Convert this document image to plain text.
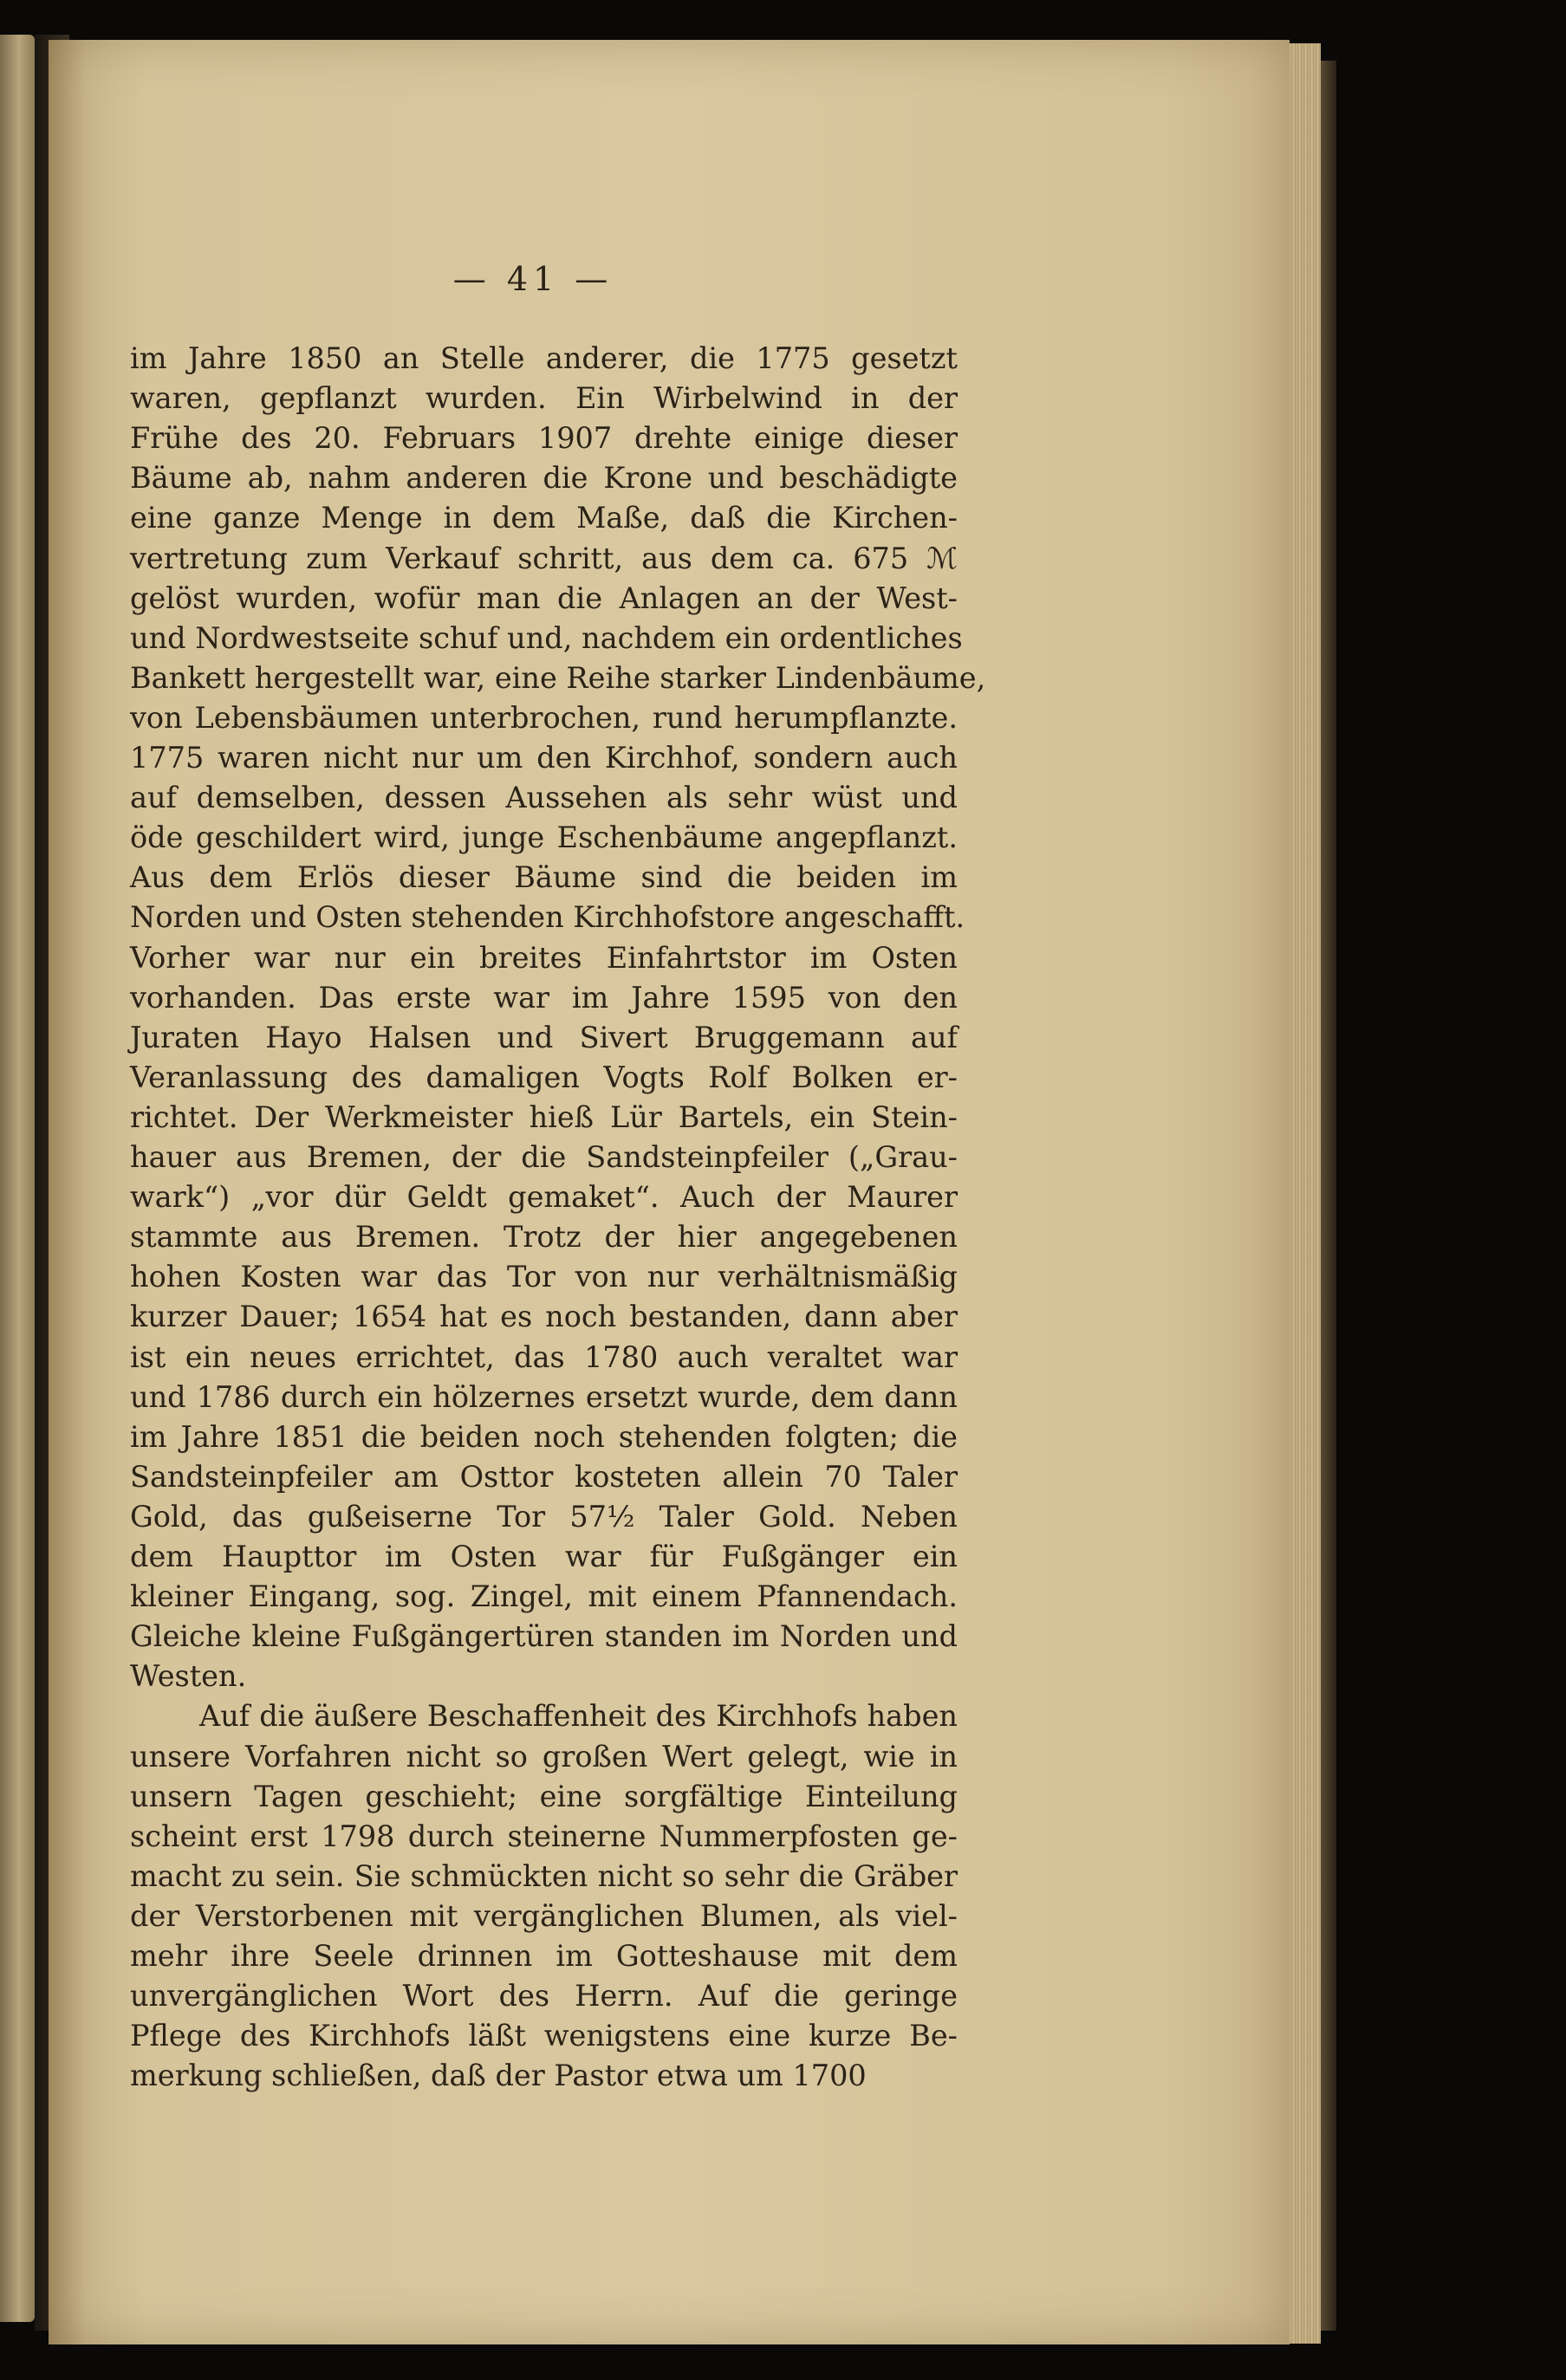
— 41 —
im Jahre 1850 an Stelle anderer, die 1775 gesetzt
waren, gepflanzt wurden. Ein Wirbelwind in der
Frühe des 20. Februars 1907 drehte einige dieser
Bäume ab, nahm anderen die Krone und beschädigte
eine ganze Menge in dem Maße, daß die Kirchen-
vertretung zum Verkauf schritt, aus dem ca. 675 ℳ
gelöst wurden, wofür man die Anlagen an der West-
und Nordwestseite schuf und, nachdem ein ordentliches
Bankett hergestellt war, eine Reihe starker Lindenbäume,
von Lebensbäumen unterbrochen, rund herumpflanzte.
1775 waren nicht nur um den Kirchhof, sondern auch
auf demselben, dessen Aussehen als sehr wüst und
öde geschildert wird, junge Eschenbäume angepflanzt.
Aus dem Erlös dieser Bäume sind die beiden im
Norden und Osten stehenden Kirchhofstore angeschafft.
Vorher war nur ein breites Einfahrtstor im Osten
vorhanden. Das erste war im Jahre 1595 von den
Juraten Hayo Halsen und Sivert Bruggemann auf
Veranlassung des damaligen Vogts Rolf Bolken er-
richtet. Der Werkmeister hieß Lür Bartels, ein Stein-
hauer aus Bremen, der die Sandsteinpfeiler („Grau-
wark“) „vor dür Geldt gemaket“. Auch der Maurer
stammte aus Bremen. Trotz der hier angegebenen
hohen Kosten war das Tor von nur verhältnismäßig
kurzer Dauer; 1654 hat es noch bestanden, dann aber
ist ein neues errichtet, das 1780 auch veraltet war
und 1786 durch ein hölzernes ersetzt wurde, dem dann
im Jahre 1851 die beiden noch stehenden folgten; die
Sandsteinpfeiler am Osttor kosteten allein 70 Taler
Gold, das gußeiserne Tor 57½ Taler Gold. Neben
dem Haupttor im Osten war für Fußgänger ein
kleiner Eingang, sog. Zingel, mit einem Pfannendach.
Gleiche kleine Fußgängertüren standen im Norden und
Westen.
Auf die äußere Beschaffenheit des Kirchhofs haben
unsere Vorfahren nicht so großen Wert gelegt, wie in
unsern Tagen geschieht; eine sorgfältige Einteilung
scheint erst 1798 durch steinerne Nummerpfosten ge-
macht zu sein. Sie schmückten nicht so sehr die Gräber
der Verstorbenen mit vergänglichen Blumen, als viel-
mehr ihre Seele drinnen im Gotteshause mit dem
unvergänglichen Wort des Herrn. Auf die geringe
Pflege des Kirchhofs läßt wenigstens eine kurze Be-
merkung schließen, daß der Pastor etwa um 1700
